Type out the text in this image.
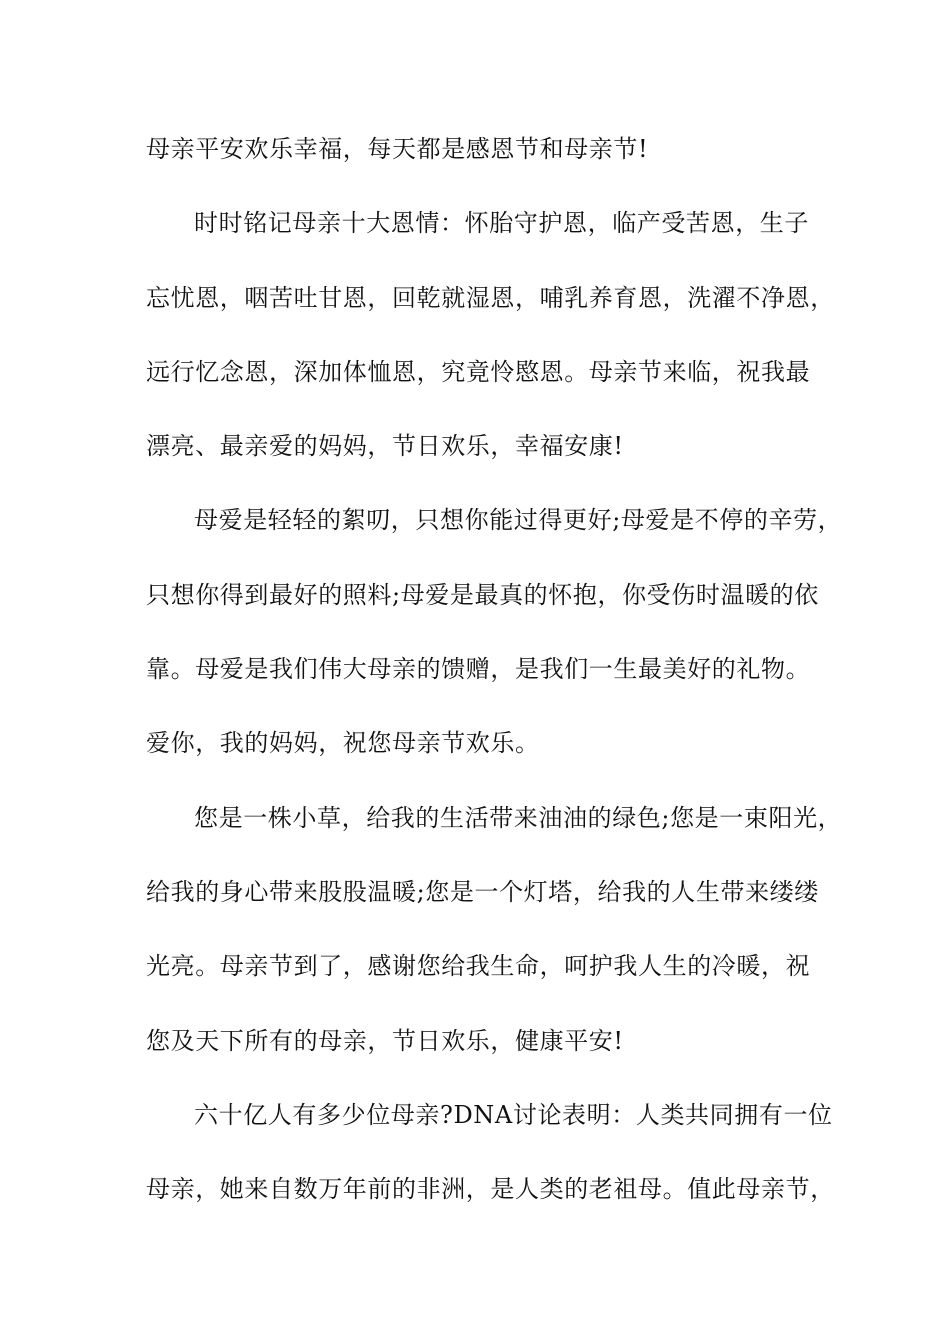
母亲平安欢乐幸福，每天都是感恩节和母亲节!
时时铭记母亲十大恩情：怀胎守护恩，临产受苦恩，生子
忘忧恩，咽苦吐甘恩，回乾就湿恩，哺乳养育恩，洗濯不净恩，
远行忆念恩，深加体恤恩，究竟怜愍恩。母亲节来临，祝我最
漂亮、最亲爱的妈妈，节日欢乐，幸福安康!
母爱是轻轻的絮叨，只想你能过得更好;母爱是不停的辛劳，
只想你得到最好的照料;母爱是最真的怀抱，你受伤时温暖的依
靠。母爱是我们伟大母亲的馈赠，是我们一生最美好的礼物。
爱你，我的妈妈，祝您母亲节欢乐。
您是一株小草，给我的生活带来油油的绿色;您是一束阳光，
给我的身心带来股股温暖;您是一个灯塔，给我的人生带来缕缕
光亮。母亲节到了，感谢您给我生命，呵护我人生的冷暖，祝
您及天下所有的母亲，节日欢乐，健康平安!
六十亿人有多少位母亲?DNA讨论表明：人类共同拥有一位
母亲，她来自数万年前的非洲，是人类的老祖母。值此母亲节，
